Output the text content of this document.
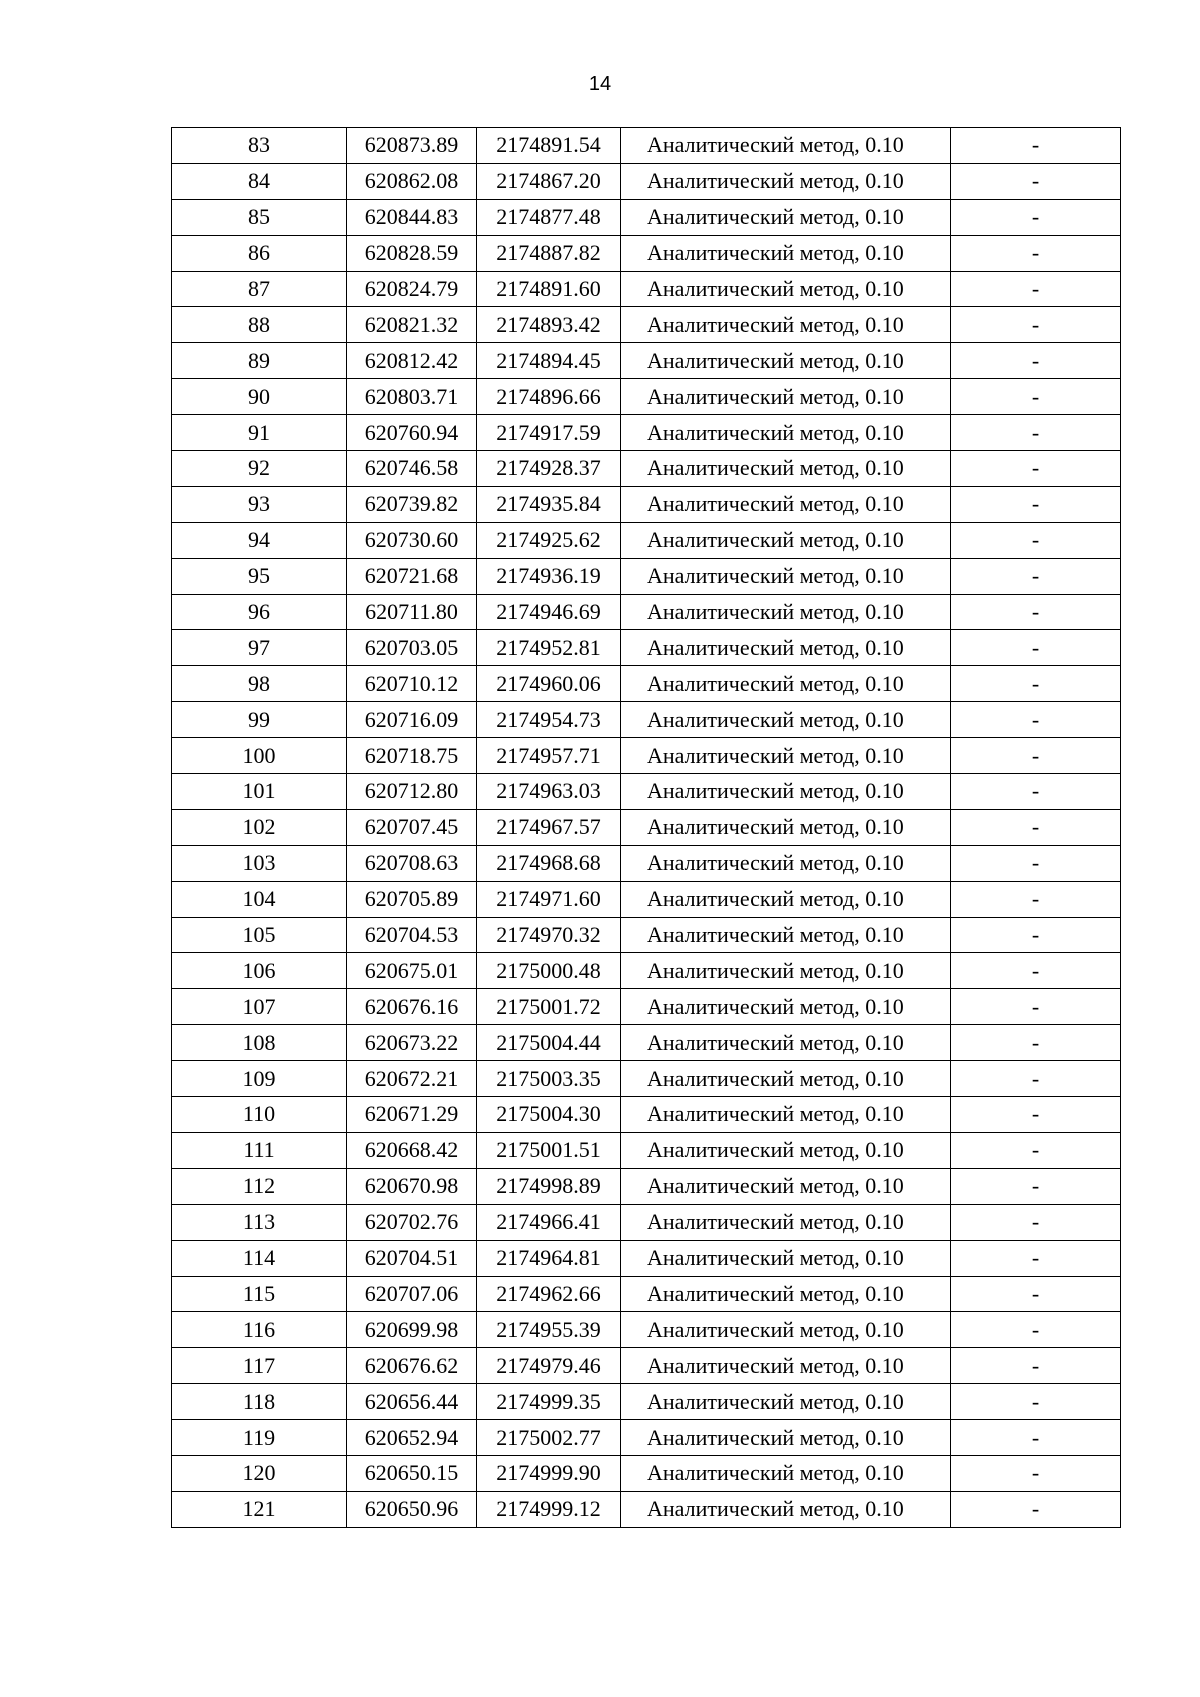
14
83	620873.89	2174891.54	Аналитический метод, 0.10	-
84	620862.08	2174867.20	Аналитический метод, 0.10	-
85	620844.83	2174877.48	Аналитический метод, 0.10	-
86	620828.59	2174887.82	Аналитический метод, 0.10	-
87	620824.79	2174891.60	Аналитический метод, 0.10	-
88	620821.32	2174893.42	Аналитический метод, 0.10	-
89	620812.42	2174894.45	Аналитический метод, 0.10	-
90	620803.71	2174896.66	Аналитический метод, 0.10	-
91	620760.94	2174917.59	Аналитический метод, 0.10	-
92	620746.58	2174928.37	Аналитический метод, 0.10	-
93	620739.82	2174935.84	Аналитический метод, 0.10	-
94	620730.60	2174925.62	Аналитический метод, 0.10	-
95	620721.68	2174936.19	Аналитический метод, 0.10	-
96	620711.80	2174946.69	Аналитический метод, 0.10	-
97	620703.05	2174952.81	Аналитический метод, 0.10	-
98	620710.12	2174960.06	Аналитический метод, 0.10	-
99	620716.09	2174954.73	Аналитический метод, 0.10	-
100	620718.75	2174957.71	Аналитический метод, 0.10	-
101	620712.80	2174963.03	Аналитический метод, 0.10	-
102	620707.45	2174967.57	Аналитический метод, 0.10	-
103	620708.63	2174968.68	Аналитический метод, 0.10	-
104	620705.89	2174971.60	Аналитический метод, 0.10	-
105	620704.53	2174970.32	Аналитический метод, 0.10	-
106	620675.01	2175000.48	Аналитический метод, 0.10	-
107	620676.16	2175001.72	Аналитический метод, 0.10	-
108	620673.22	2175004.44	Аналитический метод, 0.10	-
109	620672.21	2175003.35	Аналитический метод, 0.10	-
110	620671.29	2175004.30	Аналитический метод, 0.10	-
111	620668.42	2175001.51	Аналитический метод, 0.10	-
112	620670.98	2174998.89	Аналитический метод, 0.10	-
113	620702.76	2174966.41	Аналитический метод, 0.10	-
114	620704.51	2174964.81	Аналитический метод, 0.10	-
115	620707.06	2174962.66	Аналитический метод, 0.10	-
116	620699.98	2174955.39	Аналитический метод, 0.10	-
117	620676.62	2174979.46	Аналитический метод, 0.10	-
118	620656.44	2174999.35	Аналитический метод, 0.10	-
119	620652.94	2175002.77	Аналитический метод, 0.10	-
120	620650.15	2174999.90	Аналитический метод, 0.10	-
121	620650.96	2174999.12	Аналитический метод, 0.10	-
